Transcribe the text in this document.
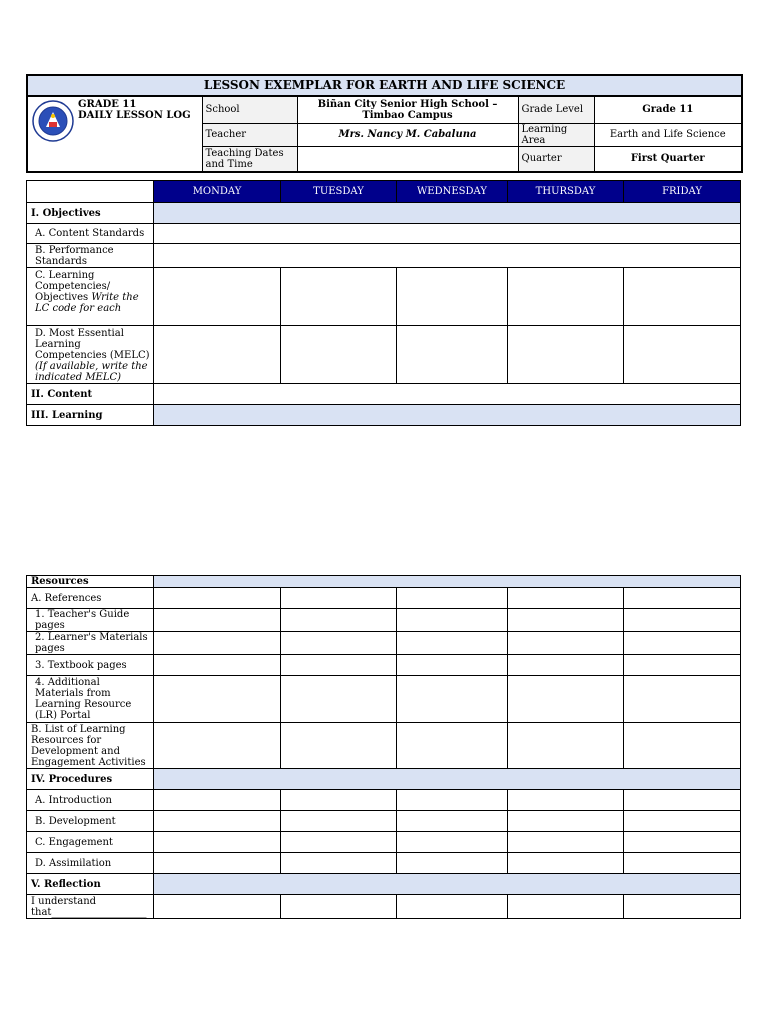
LESSON EXEMPLAR FOR EARTH AND LIFE SCIENCE					

GRADE 11
DAILY LESSON LOG	School	Biñan City Senior High School – Timbao Campus	Grade Level	Grade 11
		Teacher	Mrs. Nancy M. Cabaluna	Learning Area	Earth and Life Science
		Teaching Dates and Time		Quarter	First Quarter
	MONDAY	TUESDAY	WEDNESDAY	THURSDAY	FRIDAY
I. Objectives					
A. Content Standards					
B. Performance Standards					
C. Learning Competencies/ Objectives Write the LC code for each					
D. Most Essential Learning Competencies (MELC) (If available, write the indicated MELC)					
II. Content					
III. Learning					
Resources					
A. References					
1. Teacher's Guide pages					
2. Learner's Materials pages					
3. Textbook pages					
4. Additional Materials from Learning Resource (LR) Portal					
B. List of Learning Resources for Development and Engagement Activities					
IV. Procedures					
A. Introduction					
B. Development					
C. Engagement					
D. Assimilation					
V. Reflection					
I understand that___________________					
